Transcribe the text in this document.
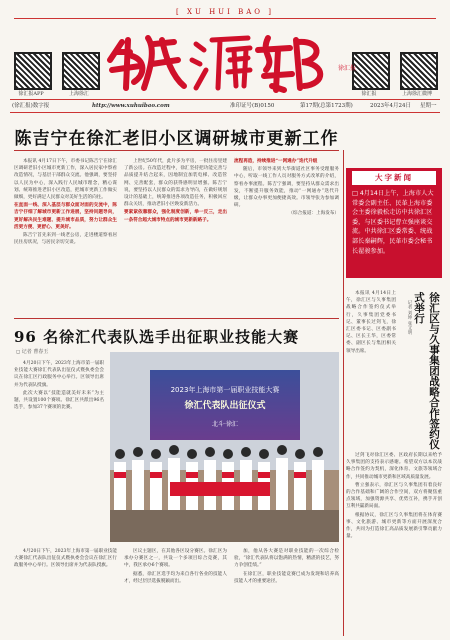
[ XU HUI BAO ]
徐汇报APP	上海徐汇	徐汇报	上海徐汇微博
徐汇报
(徐汇报)数字报	http://www.xuhuibao.com	准印证号(B)0150	第17期(总第1723期)	2023年4月24日 星期一
陈吉宁在徐汇老旧小区调研城市更新工作

本报讯 4月17日下午，市委书记陈吉宁在徐汇区调研老旧小区城市更新工作，深入居民家中察看改造情况，与基层干部群众交流。他强调，要坚持以人民为中心，深入践行人民城市理念，精心谋划、统筹推进老旧小区改造，把城市更新工作做实做细，更好满足人民群众对美好生活的向往。

在直面一线、深入基层与群众面对面的交流中，陈吉宁仔细了解城市更新工作进展，坚持问题导向，更好解决民生难题、提升城市品质，努力让群众生活更方便、更舒心、更美好。

陈吉宁首先来到一线老公房，走进楼道察看居民住房状况，与居民亲切交谈。

上世纪50年代，此片多为平房，一批住房里建了新公房。在改造过程中，徐汇坚持把功能完善与品质提升结合起来，因地制宜加装电梯、改造管网、完善配套，群众的获得感明显增强。陈吉宁说，要坚持以人民群众的需求为导向，在做好规划设计的基础上，统筹推进各项改造任务，积极回应群众关切，推动老旧小区焕发新活力。

要紧紧依靠群众，强化制度创新，举一反三，走出一条符合超大城市特点的城市更新新路子。

流程再造，持续推进“一网通办”迭代升级

随后，市领导来到大华街道社区事务受理服务中心，听取一线工作人员对服务方式改革的介绍，察看办事流程。陈吉宁强调，要坚持从群众需求出发，不断提升服务效能，推动“一网通办”迭代升级，让群众办事更加便捷高效。市领导张为参加调研。

（综合报道：上海发布）

96 名徐汇代表队选手出征职业技能大赛
◻ 记者 曹春玉

4月20日下午，2023年上海市第一届职业技能大赛徐汇代表队出征仪式暨执委会会议在徐汇区行政服务中心举行。区领导出席并为代表队授旗。

此次大赛以“技能造就美好未来”为主题，共设置100个赛项。徐汇区共派出96名选手，参加37个赛项的比赛。

2023年上海市第一届职业技能大赛
徐汇代表队出征仪式
北斗·徐汇

4月20日下午，2023年上海市第一届职业技能大赛徐汇代表队出征仪式暨执委会会议在徐汇区行政服务中心举行。区领导出席并为代表队授旗。

区议主题区，在其他各区设分赛区。徐汇区为承办分赛区之一，共设一个多项目综合竞赛，其中，我区承办6个赛项。

据悉，徐汇区选手均为来自各行各业的技能人才，经过层层选拔脱颖而出。

加，他从各大赛是对职业技能的一次综合检验，“徐汇代表队将以饱满的热情，精湛的技艺，努力争创佳绩。”

在徐汇区，职业技能竞赛已成为发现和培养高技能人才的重要途径。

大字新闻
□ 4月14日上午，上海市人大常委会副主任、民革上海市委会主委徐毅松走访中共徐汇区委，与区委书记曹立强座谈交流。中共徐汇区委常委、统战部长秦嗣辉，民革市委会秘书长翟骏参加。
徐汇区与久事集团战略合作签约仪式举行
记者 刘坤 张文明

本报讯 4月14日上午，徐汇区与久事集团战略合作签约仪式举行，久事集团党委书记、董事长过剑飞，徐汇区委书记、区委副书记、区长王华，区委常委、副区长与集团相关领导出席。

过剑飞对徐汇区委、区政府长期以来给予久事集团的支持表示感谢。希望双方以本次战略合作签约为契机，深化体育、文旅等领域合作，共同推动城市更新和区域高质量发展。

曹立强表示，徐汇区与久事集团有着良好的合作基础和广阔的合作空间，双方将聚焦重点领域，加强资源共享、优势互补，携手开创互利共赢新局面。

根据协议，徐汇区与久事集团将在体育赛事、文化旅游、城市更新等方面开展深度合作，共同为打造徐汇高品质发展新引擎贡献力量。
